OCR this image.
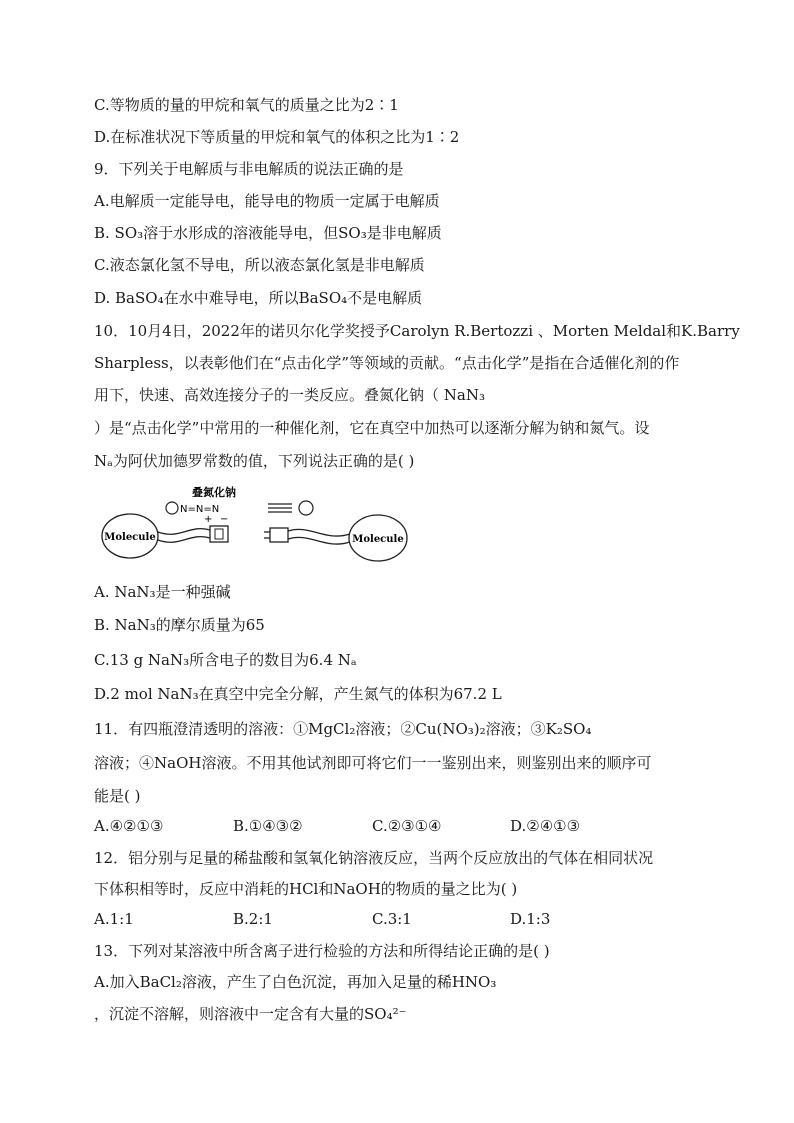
C.等物质的量的甲烷和氧气的质量之比为2∶1
D.在标准状况下等质量的甲烷和氧气的体积之比为1∶2
9．下列关于电解质与非电解质的说法正确的是
A.电解质一定能导电，能导电的物质一定属于电解质
B. SO₃溶于水形成的溶液能导电，但SO₃是非电解质
C.液态氯化氢不导电，所以液态氯化氢是非电解质
D. BaSO₄在水中难导电，所以BaSO₄不是电解质
10．10月4日，2022年的诺贝尔化学奖授予Carolyn R.Bertozzi 、Morten Meldal和K.Barry
Sharpless，以表彰他们在“点击化学”等领域的贡献。“点击化学”是指在合适催化剂的作
用下，快速、高效连接分子的一类反应。叠氮化钠（ NaN₃
）是“点击化学”中常用的一种催化剂，它在真空中加热可以逐渐分解为钠和氮气。设
Nₐ为阿伏加德罗常数的值，下列说法正确的是( )
Molecule
叠氮化钠
N=N=N
+ −
Molecule
A. NaN₃是一种强碱
B. NaN₃的摩尔质量为65
C.13 g NaN₃所含电子的数目为6.4 Nₐ
D.2 mol NaN₃在真空中完全分解，产生氮气的体积为67.2 L
11．有四瓶澄清透明的溶液：①MgCl₂溶液；②Cu(NO₃)₂溶液；③K₂SO₄
溶液；④NaOH溶液。不用其他试剂即可将它们一一鉴别出来，则鉴别出来的顺序可
能是( )
A.④②①③	B.①④③②	C.②③①④	D.②④①③
12．铝分别与足量的稀盐酸和氢氧化钠溶液反应，当两个反应放出的气体在相同状况
下体积相等时，反应中消耗的HCl和NaOH的物质的量之比为( )
A.1:1	B.2:1	C.3:1	D.1:3
13．下列对某溶液中所含离子进行检验的方法和所得结论正确的是( )
A.加入BaCl₂溶液，产生了白色沉淀，再加入足量的稀HNO₃
，沉淀不溶解，则溶液中一定含有大量的SO₄²⁻
